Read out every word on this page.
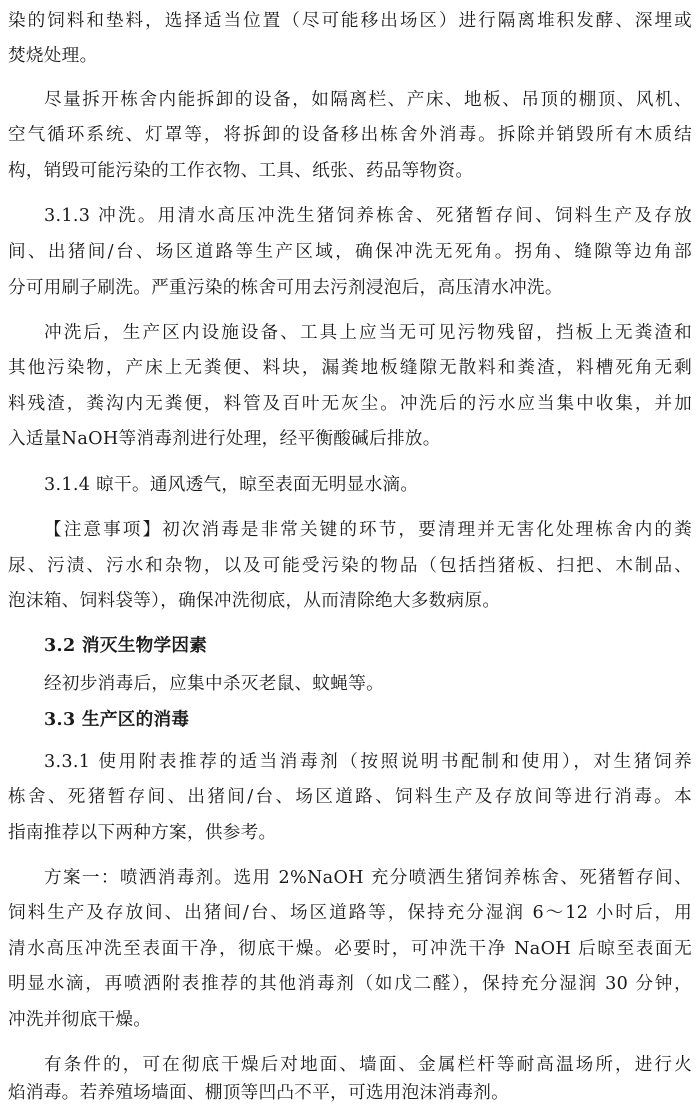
染的饲料和垫料，选择适当位置（尽可能移出场区）进行隔离堆积发酵、深埋或
焚烧处理。
尽量拆开栋舍内能拆卸的设备，如隔离栏、产床、地板、吊顶的棚顶、风机、
空气循环系统、灯罩等，将拆卸的设备移出栋舍外消毒。拆除并销毁所有木质结
构，销毁可能污染的工作衣物、工具、纸张、药品等物资。
3.1.3 冲洗。用清水高压冲洗生猪饲养栋舍、死猪暂存间、饲料生产及存放
间、出猪间/台、场区道路等生产区域，确保冲洗无死角。拐角、缝隙等边角部
分可用刷子刷洗。严重污染的栋舍可用去污剂浸泡后，高压清水冲洗。
冲洗后，生产区内设施设备、工具上应当无可见污物残留，挡板上无粪渣和
其他污染物，产床上无粪便、料块，漏粪地板缝隙无散料和粪渣，料槽死角无剩
料残渣，粪沟内无粪便，料管及百叶无灰尘。冲洗后的污水应当集中收集，并加
入适量NaOH等消毒剂进行处理，经平衡酸碱后排放。
3.1.4 晾干。通风透气，晾至表面无明显水滴。
【注意事项】初次消毒是非常关键的环节，要清理并无害化处理栋舍内的粪
尿、污渍、污水和杂物，以及可能受污染的物品（包括挡猪板、扫把、木制品、
泡沫箱、饲料袋等），确保冲洗彻底，从而清除绝大多数病原。
3.2 消灭生物学因素
经初步消毒后，应集中杀灭老鼠、蚊蝇等。
3.3 生产区的消毒
3.3.1 使用附表推荐的适当消毒剂（按照说明书配制和使用），对生猪饲养
栋舍、死猪暂存间、出猪间/台、场区道路、饲料生产及存放间等进行消毒。本
指南推荐以下两种方案，供参考。
方案一：喷洒消毒剂。选用 2%NaOH 充分喷洒生猪饲养栋舍、死猪暂存间、
饲料生产及存放间、出猪间/台、场区道路等，保持充分湿润 6～12 小时后，用
清水高压冲洗至表面干净，彻底干燥。必要时，可冲洗干净 NaOH 后晾至表面无
明显水滴，再喷洒附表推荐的其他消毒剂（如戊二醛），保持充分湿润 30 分钟，
冲洗并彻底干燥。
有条件的，可在彻底干燥后对地面、墙面、金属栏杆等耐高温场所，进行火
焰消毒。若养殖场墙面、棚顶等凹凸不平，可选用泡沫消毒剂。
